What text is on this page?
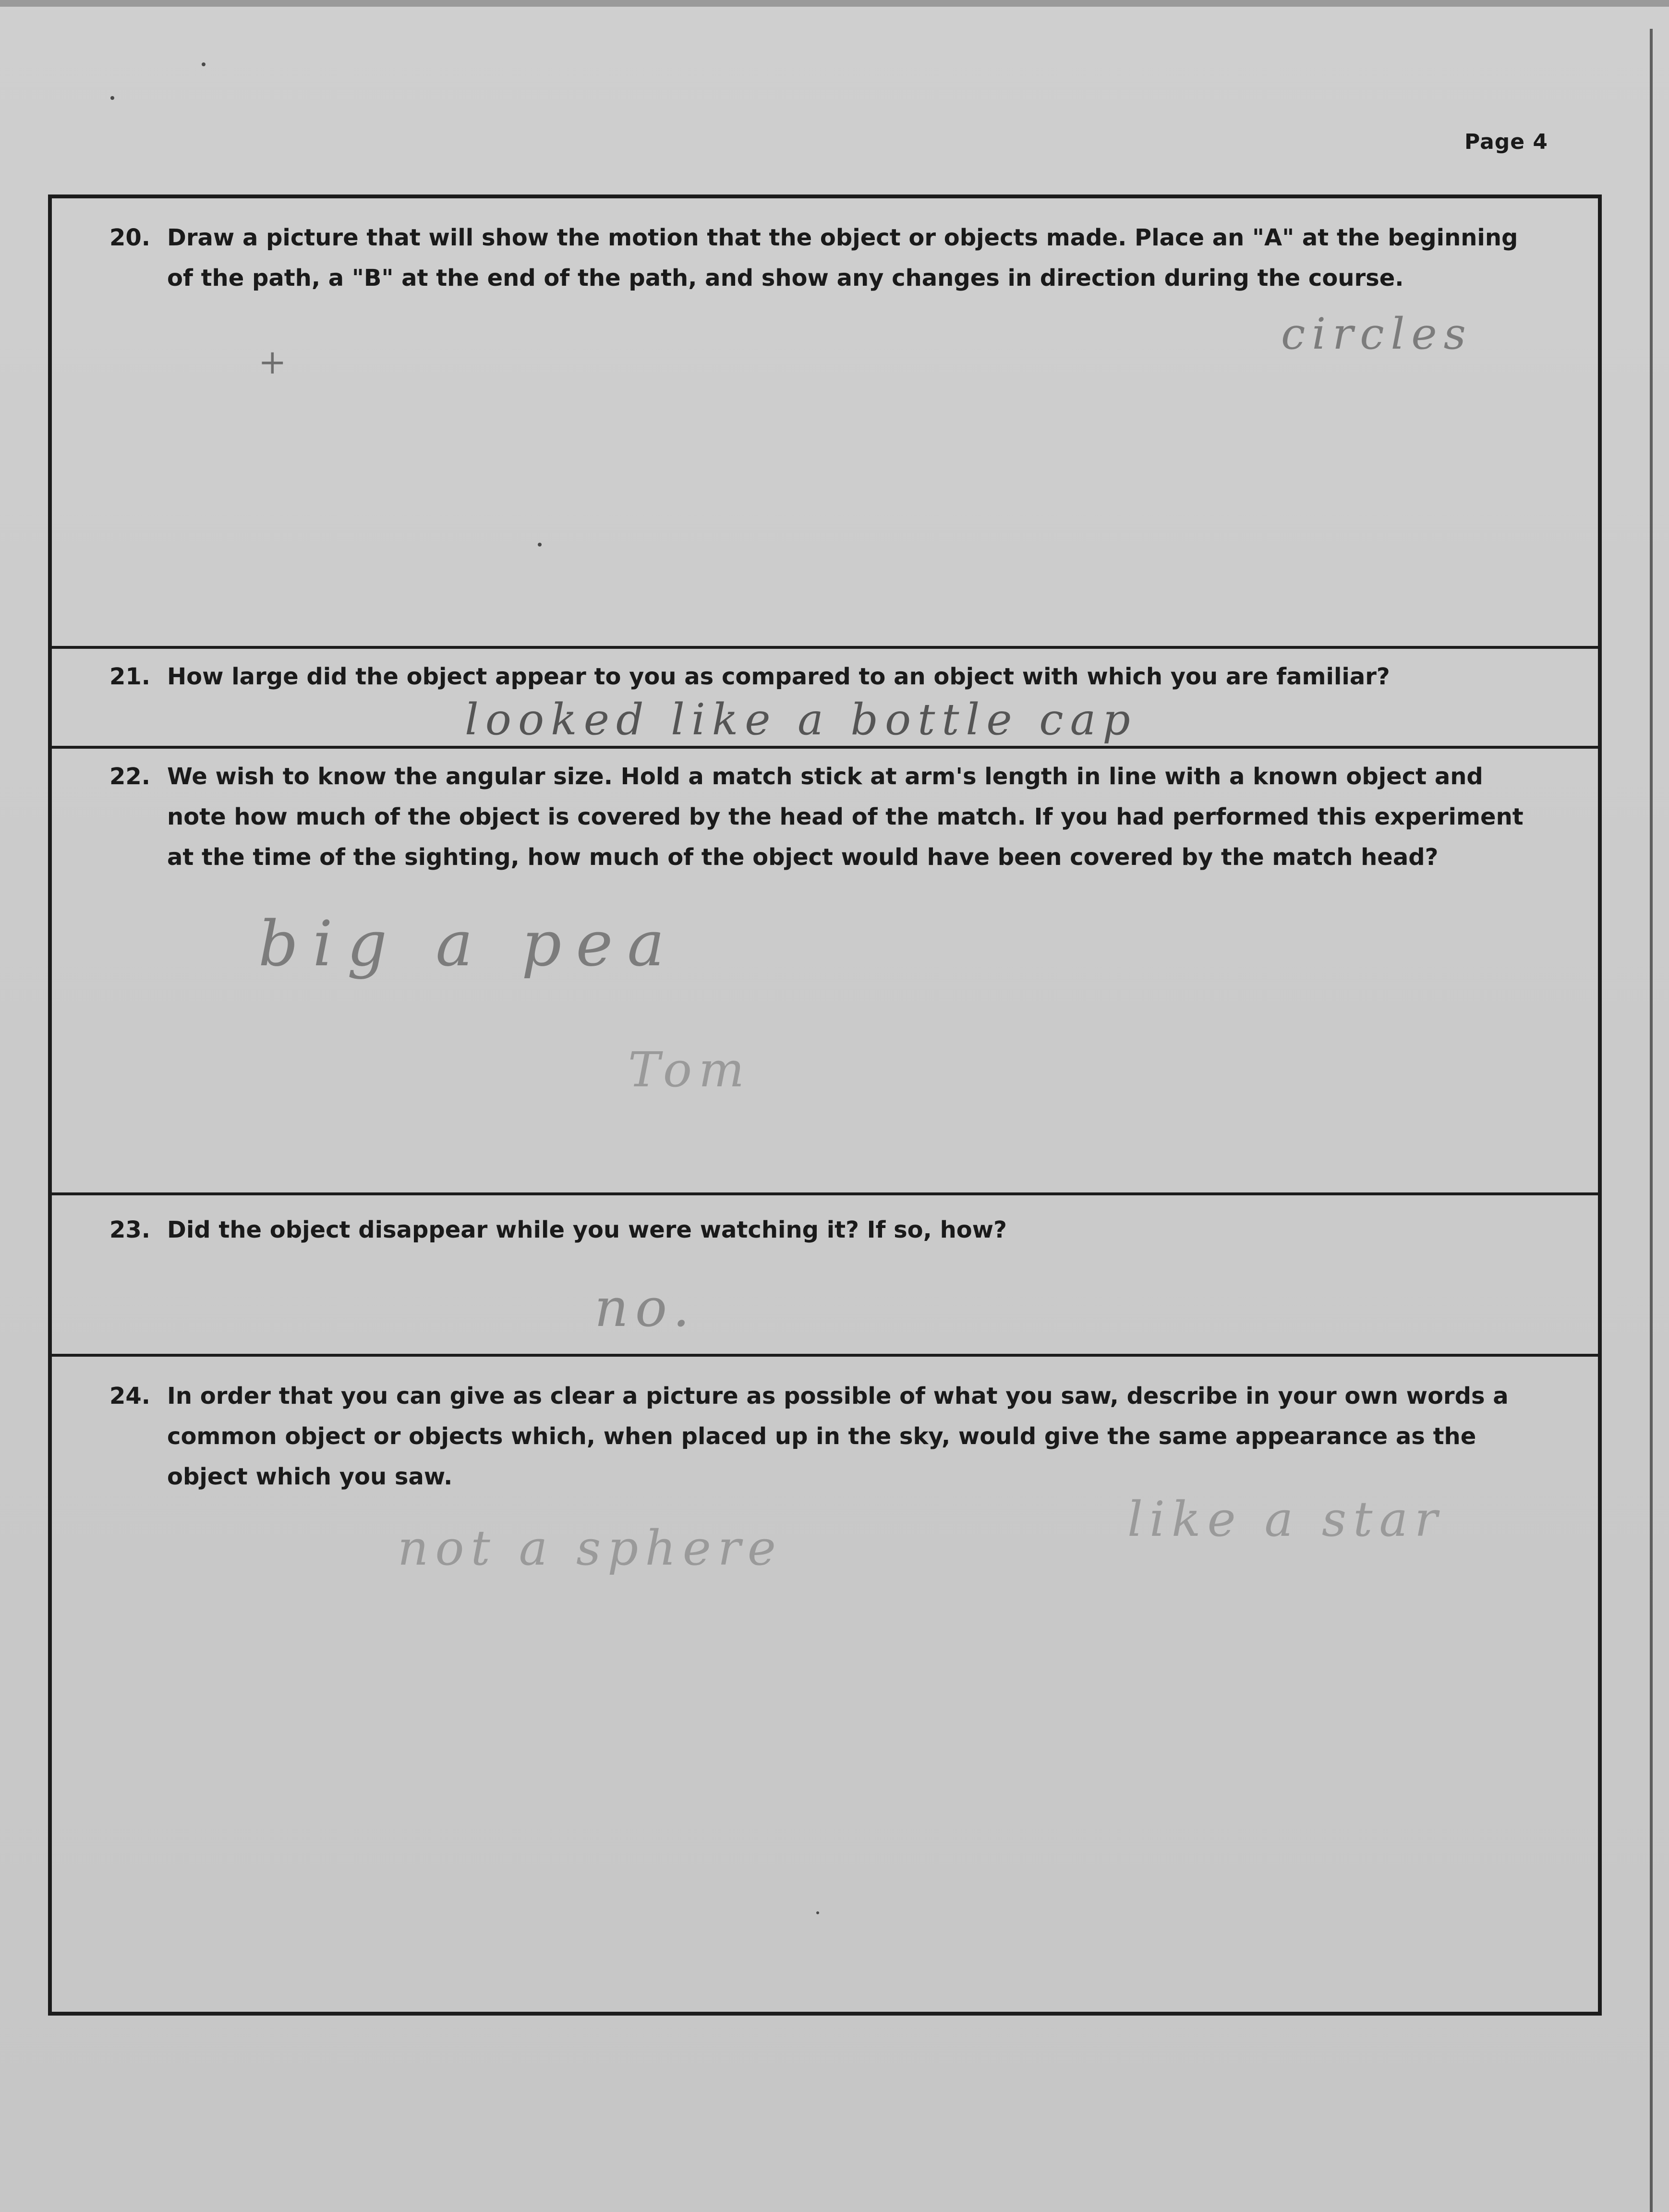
Page 4
20. Draw a picture that will show the motion that the object or objects made. Place an "A" at the beginning of the path, a "B" at the end of the path, and show any changes in direction during the course.
circles
+
21. How large did the object appear to you as compared to an object with which you are familiar?
looked like a bottle cap
22. We wish to know the angular size. Hold a match stick at arm's length in line with a known object and note how much of the object is covered by the head of the match. If you had performed this experiment at the time of the sighting, how much of the object would have been covered by the match head?
big a pea
Tom
23. Did the object disappear while you were watching it? If so, how?
no.
24. In order that you can give as clear a picture as possible of what you saw, describe in your own words a common object or objects which, when placed up in the sky, would give the same appearance as the object which you saw.
not a sphere
like a star
